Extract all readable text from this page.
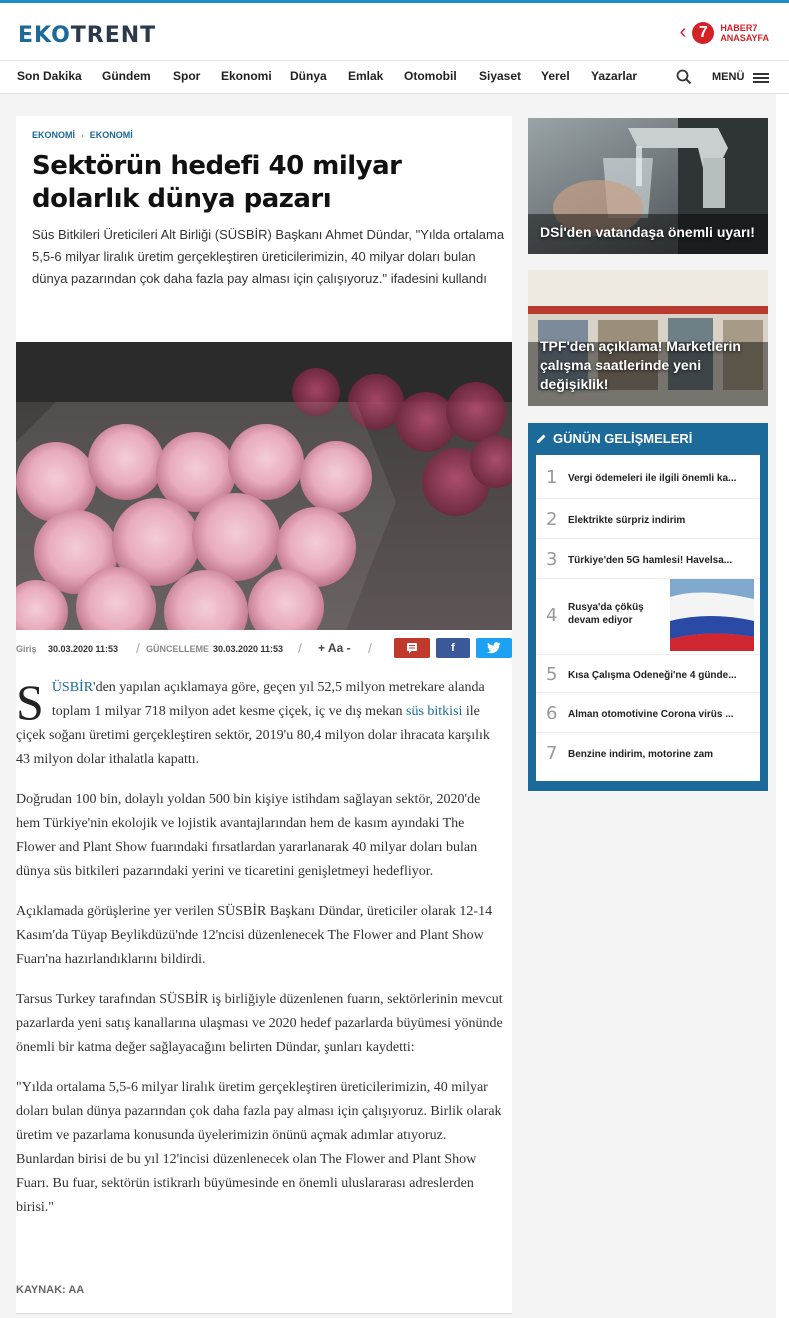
EKOTRENT	‹ 7	HABER7
ANASAYFA
Son Dakika Gündem Spor Ekonomi Dünya Emlak Otomobil Siyaset Yerel Yazarlar	MENÜ
EKONOMİ › EKONOMİ
Sektörün hedefi 40 milyar dolarlık dünya pazarı

Süs Bitkileri Üreticileri Alt Birliği (SÜSBİR) Başkanı Ahmet Dündar, "Yılda ortalama 5,5-6 milyar liralık üretim gerçekleştiren üreticilerimizin, 40 milyar doları bulan dünya pazarından çok daha fazla pay alması için çalışıyoruz." ifadesini kullandı

Giriş 30.03.2020 11:53 / GÜNCELLEME 30.03.2020 11:53 / + Aa - /	f

SÜSBİR'den yapılan açıklamaya göre, geçen yıl 52,5 milyon metrekare alanda toplam 1 milyar 718 milyon adet kesme çiçek, iç ve dış mekan süs bitkisi ile çiçek soğanı üretimi gerçekleştiren sektör, 2019'u 80,4 milyon dolar ihracata karşılık 43 milyon dolar ithalatla kapattı.

Doğrudan 100 bin, dolaylı yoldan 500 bin kişiye istihdam sağlayan sektör, 2020'de hem Türkiye'nin ekolojik ve lojistik avantajlarından hem de kasım ayındaki The Flower and Plant Show fuarındaki fırsatlardan yararlanarak 40 milyar doları bulan dünya süs bitkileri pazarındaki yerini ve ticaretini genişletmeyi hedefliyor.

Açıklamada görüşlerine yer verilen SÜSBİR Başkanı Dündar, üreticiler olarak 12-14 Kasım'da Tüyap Beylikdüzü'nde 12'ncisi düzenlenecek The Flower and Plant Show Fuarı'na hazırlandıklarını bildirdi.

Tarsus Turkey tarafından SÜSBİR iş birliğiyle düzenlenen fuarın, sektörlerinin mevcut pazarlarda yeni satış kanallarına ulaşması ve 2020 hedef pazarlarda büyümesi yönünde önemli bir katma değer sağlayacağını belirten Dündar, şunları kaydetti:

"Yılda ortalama 5,5-6 milyar liralık üretim gerçekleştiren üreticilerimizin, 40 milyar doları bulan dünya pazarından çok daha fazla pay alması için çalışıyoruz. Birlik olarak üretim ve pazarlama konusunda üyelerimizin önünü açmak adımlar atıyoruz. Bunlardan birisi de bu yıl 12'incisi düzenlenecek olan The Flower and Plant Show Fuarı. Bu fuar, sektörün istikrarlı büyümesinde en önemli uluslararası adreslerden birisi."

KAYNAK: AA
DSİ'den vatandaşa önemli uyarı!
TPF'den açıklama! Marketlerin çalışma saatlerinde yeni değişiklik!
GÜNÜN GELİŞMELERİ
1 Vergi ödemeleri ile ilgili önemli ka...
2 Elektrikte sürpriz indirim
3 Türkiye'den 5G hamlesi! Havelsa...
4 Rusya'da çöküş devam ediyor
5 Kısa Çalışma Ödeneği'ne 4 günde...
6 Alman otomotivine Corona virüs ...
7 Benzine indirim, motorine zam
